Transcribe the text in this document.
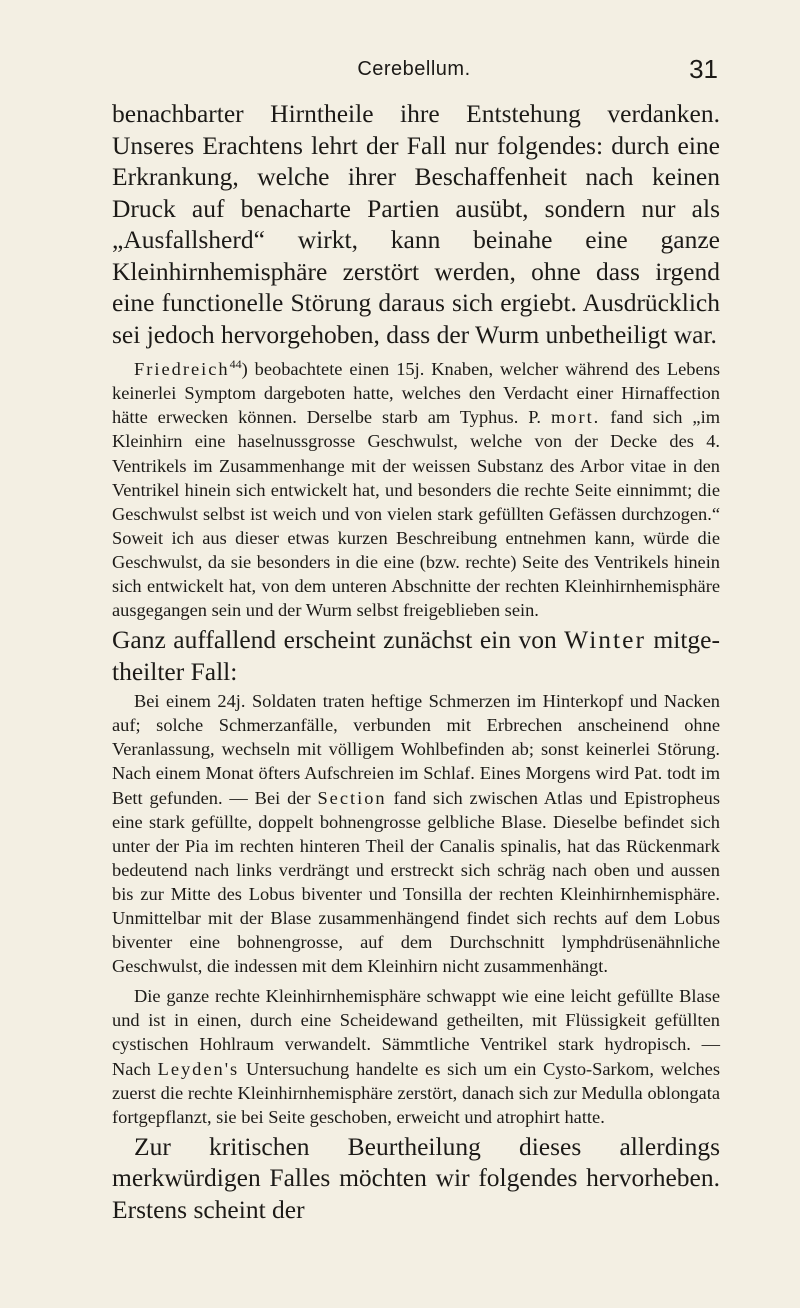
Cerebellum.	31

benachbarter Hirntheile ihre Entstehung verdanken. Unseres Erachtens lehrt der Fall nur folgendes: durch eine Erkrankung, welche ihrer Beschaffenheit nach keinen Druck auf benacharte Partien ausübt, sondern nur als „Ausfallsherd“ wirkt, kann beinahe eine ganze Kleinhirnhemisphäre zerstört werden, ohne dass irgend eine functionelle Störung daraus sich ergiebt. Ausdrücklich sei jedoch hervorgehoben, dass der Wurm unbetheiligt war.

Friedreich$^{44}$) beobachtete einen 15j. Knaben, welcher während des Lebens keinerlei Symptom dargeboten hatte, welches den Verdacht einer Hirnaffection hätte erwecken können. Derselbe starb am Typhus. P. mort. fand sich „im Kleinhirn eine haselnussgrosse Geschwulst, welche von der Decke des 4. Ventrikels im Zusammenhange mit der weissen Substanz des Arbor vitae in den Ventrikel hinein sich entwickelt hat, und besonders die rechte Seite einnimmt; die Geschwulst selbst ist weich und von vielen stark gefüllten Gefässen durchzogen.“ Soweit ich aus dieser etwas kurzen Beschreibung entnehmen kann, würde die Geschwulst, da sie besonders in die eine (bzw. rechte) Seite des Ventrikels hinein sich entwickelt hat, von dem unteren Abschnitte der rechten Kleinhirnhemisphäre ausgegangen sein und der Wurm selbst freigeblieben sein.

Ganz auffallend erscheint zunächst ein von Winter mitgetheilter Fall:

Bei einem 24j. Soldaten traten heftige Schmerzen im Hinterkopf und Nacken auf; solche Schmerzanfälle, verbunden mit Erbrechen anscheinend ohne Veranlassung, wechseln mit völligem Wohlbefinden ab; sonst keinerlei Störung. Nach einem Monat öfters Aufschreien im Schlaf. Eines Morgens wird Pat. todt im Bett gefunden. — Bei der Section fand sich zwischen Atlas und Epistropheus eine stark gefüllte, doppelt bohnengrosse gelbliche Blase. Dieselbe befindet sich unter der Pia im rechten hinteren Theil der Canalis spinalis, hat das Rückenmark bedeutend nach links verdrängt und erstreckt sich schräg nach oben und aussen bis zur Mitte des Lobus biventer und Tonsilla der rechten Kleinhirnhemisphäre. Unmittelbar mit der Blase zusammenhängend findet sich rechts auf dem Lobus biventer eine bohnengrosse, auf dem Durchschnitt lymphdrüsenähnliche Geschwulst, die indessen mit dem Kleinhirn nicht zusammenhängt.

Die ganze rechte Kleinhirnhemisphäre schwappt wie eine leicht gefüllte Blase und ist in einen, durch eine Scheidewand getheilten, mit Flüssigkeit gefüllten cystischen Hohlraum verwandelt. Sämmtliche Ventrikel stark hydropisch. — Nach Leyden's Untersuchung handelte es sich um ein Cysto-Sarkom, welches zuerst die rechte Kleinhirnhemisphäre zerstört, danach sich zur Medulla oblongata fortgepflanzt, sie bei Seite geschoben, erweicht und atrophirt hatte.

Zur kritischen Beurtheilung dieses allerdings merkwürdigen Falles möchten wir folgendes hervorheben. Erstens scheint der
